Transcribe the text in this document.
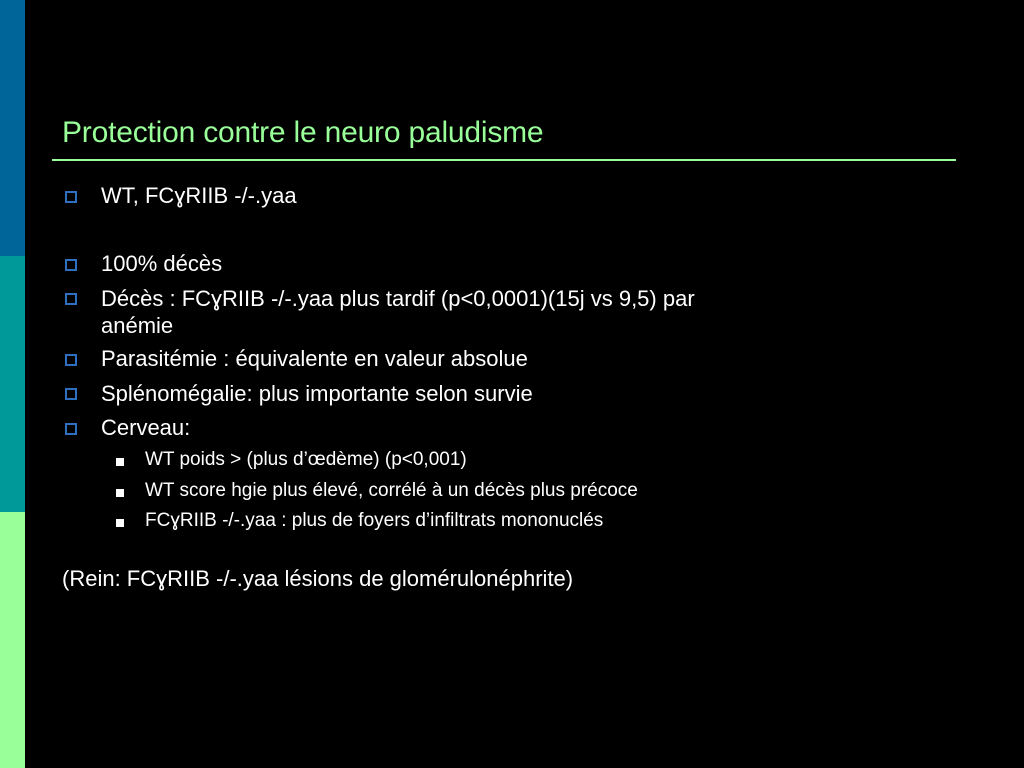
Protection contre le neuro paludisme
WT, FCɣRIIB -/-.yaa
100% décès
Décès : FCɣRIIB -/-.yaa plus tardif (p<0,0001)(15j vs 9,5) par
anémie
Parasitémie : équivalente en valeur absolue
Splénomégalie: plus importante selon survie
Cerveau:
WT poids > (plus d’œdème) (p<0,001)
WT score hgie plus élevé, corrélé à un décès plus précoce
FCɣRIIB -/-.yaa : plus de foyers d’infiltrats mononuclés
(Rein: FCɣRIIB -/-.yaa lésions de glomérulonéphrite)
